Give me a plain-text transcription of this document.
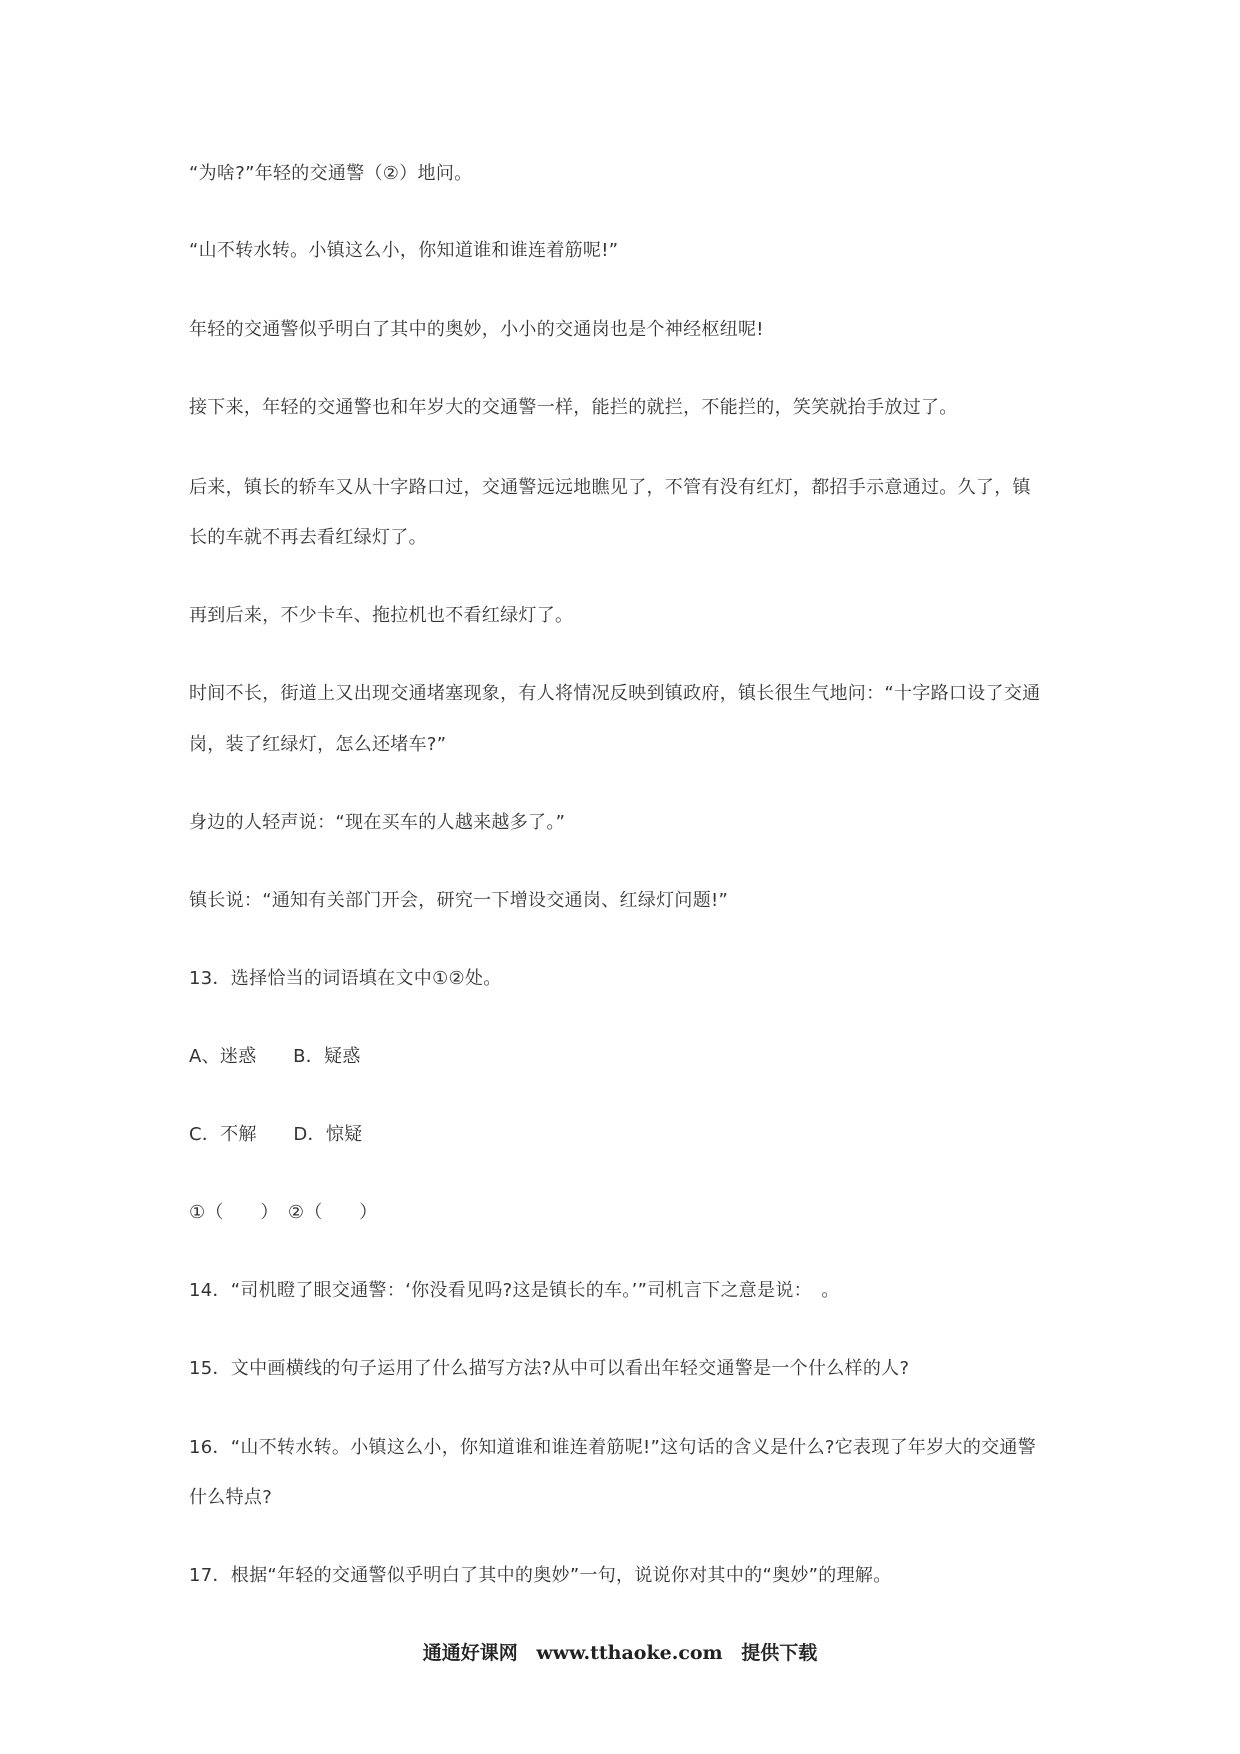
“为啥?”年轻的交通警（②）地问。
“山不转水转。小镇这么小，你知道谁和谁连着筋呢!”
年轻的交通警似乎明白了其中的奥妙，小小的交通岗也是个神经枢纽呢!
接下来，年轻的交通警也和年岁大的交通警一样，能拦的就拦，不能拦的，笑笑就抬手放过了。
后来，镇长的轿车又从十字路口过，交通警远远地瞧见了，不管有没有红灯，都招手示意通过。久了，镇
长的车就不再去看红绿灯了。
再到后来，不少卡车、拖拉机也不看红绿灯了。
时间不长，街道上又出现交通堵塞现象，有人将情况反映到镇政府，镇长很生气地问：“十字路口设了交通
岗，装了红绿灯，怎么还堵车?”
身边的人轻声说：“现在买车的人越来越多了。”
镇长说：“通知有关部门开会，研究一下增设交通岗、红绿灯问题!”
13．选择恰当的词语填在文中①②处。
A、迷惑　　B．疑惑
C．不解　　D．惊疑
①（　　）　②（　　）
14．“司机瞪了眼交通警：‘你没看见吗?这是镇长的车。’”司机言下之意是说：　。
15．文中画横线的句子运用了什么描写方法?从中可以看出年轻交通警是一个什么样的人?
16．“山不转水转。小镇这么小，你知道谁和谁连着筋呢!”这句话的含义是什么?它表现了年岁大的交通警
什么特点?
17．根据“年轻的交通警似乎明白了其中的奥妙”一句，说说你对其中的“奥妙”的理解。
通通好课网 www.tthaoke.com 提供下载
